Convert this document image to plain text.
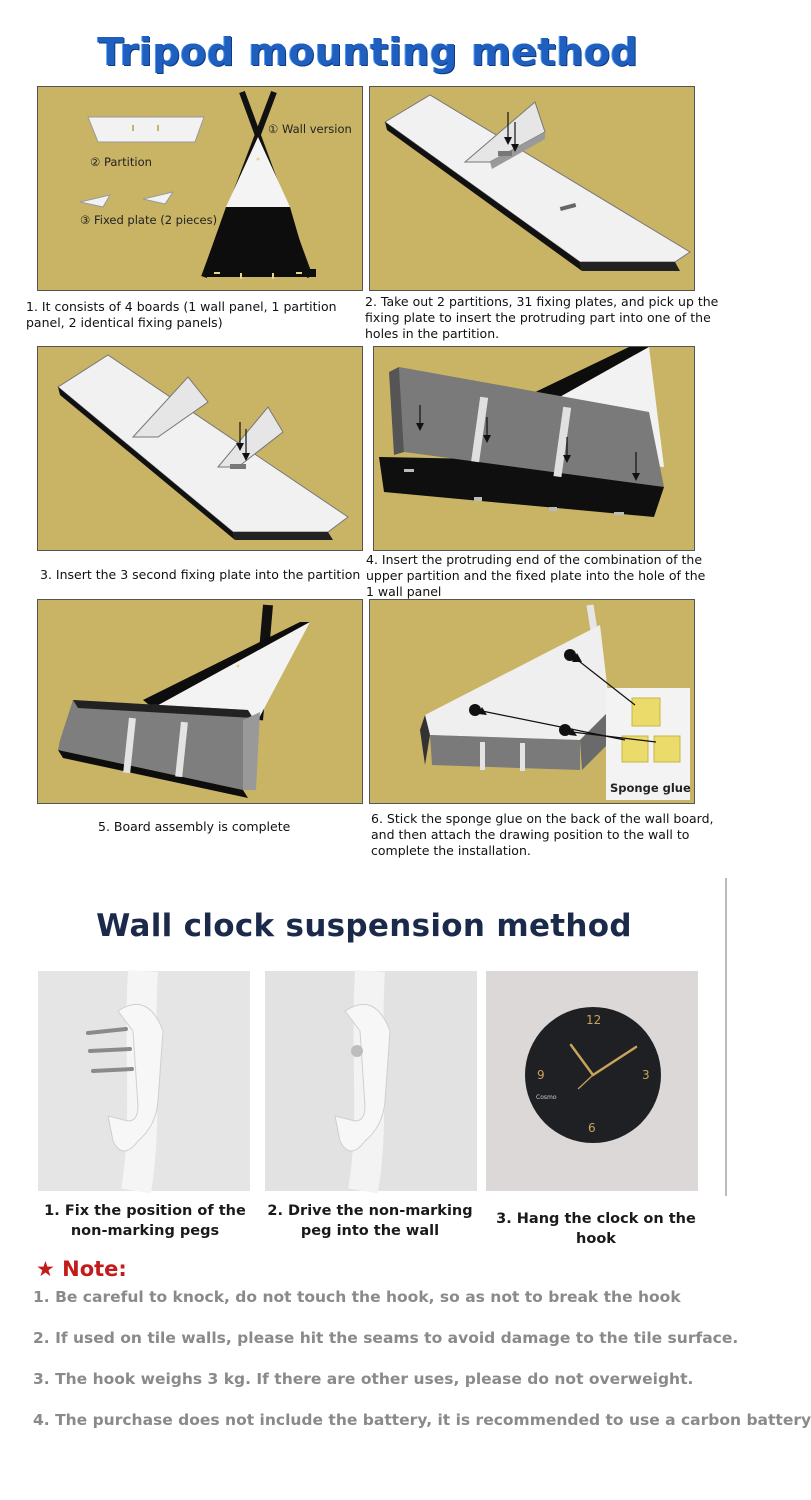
Tripod mounting method
① Wall version
② Partition
③ Fixed plate (2 pieces)
1. It consists of 4 boards (1 wall panel, 1 partition panel, 2 identical fixing panels)
2. Take out 2 partitions, 31 fixing plates, and pick up the fixing plate to insert the protruding part into one of the holes in the partition.
3. Insert the 3 second fixing plate into the partition
4. Insert the protruding end of the combination of the upper partition and the fixed plate into the hole of the 1 wall panel
5. Board assembly is complete
Sponge glue
6. Stick the sponge glue on the back of the wall board, and then attach the drawing position to the wall to complete the installation.
Wall clock suspension method
12
3
6
9
Cosmo
1. Fix the position of the non-marking pegs
2. Drive the non-marking peg into the wall
3. Hang the clock on the hook
★ Note:
1. Be careful to knock, do not touch the hook, so as not to break the hook
2. If used on tile walls, please hit the seams to avoid damage to the tile surface.
3. The hook weighs 3 kg. If there are other uses, please do not overweight.
4. The purchase does not include the battery, it is recommended to use a carbon battery
